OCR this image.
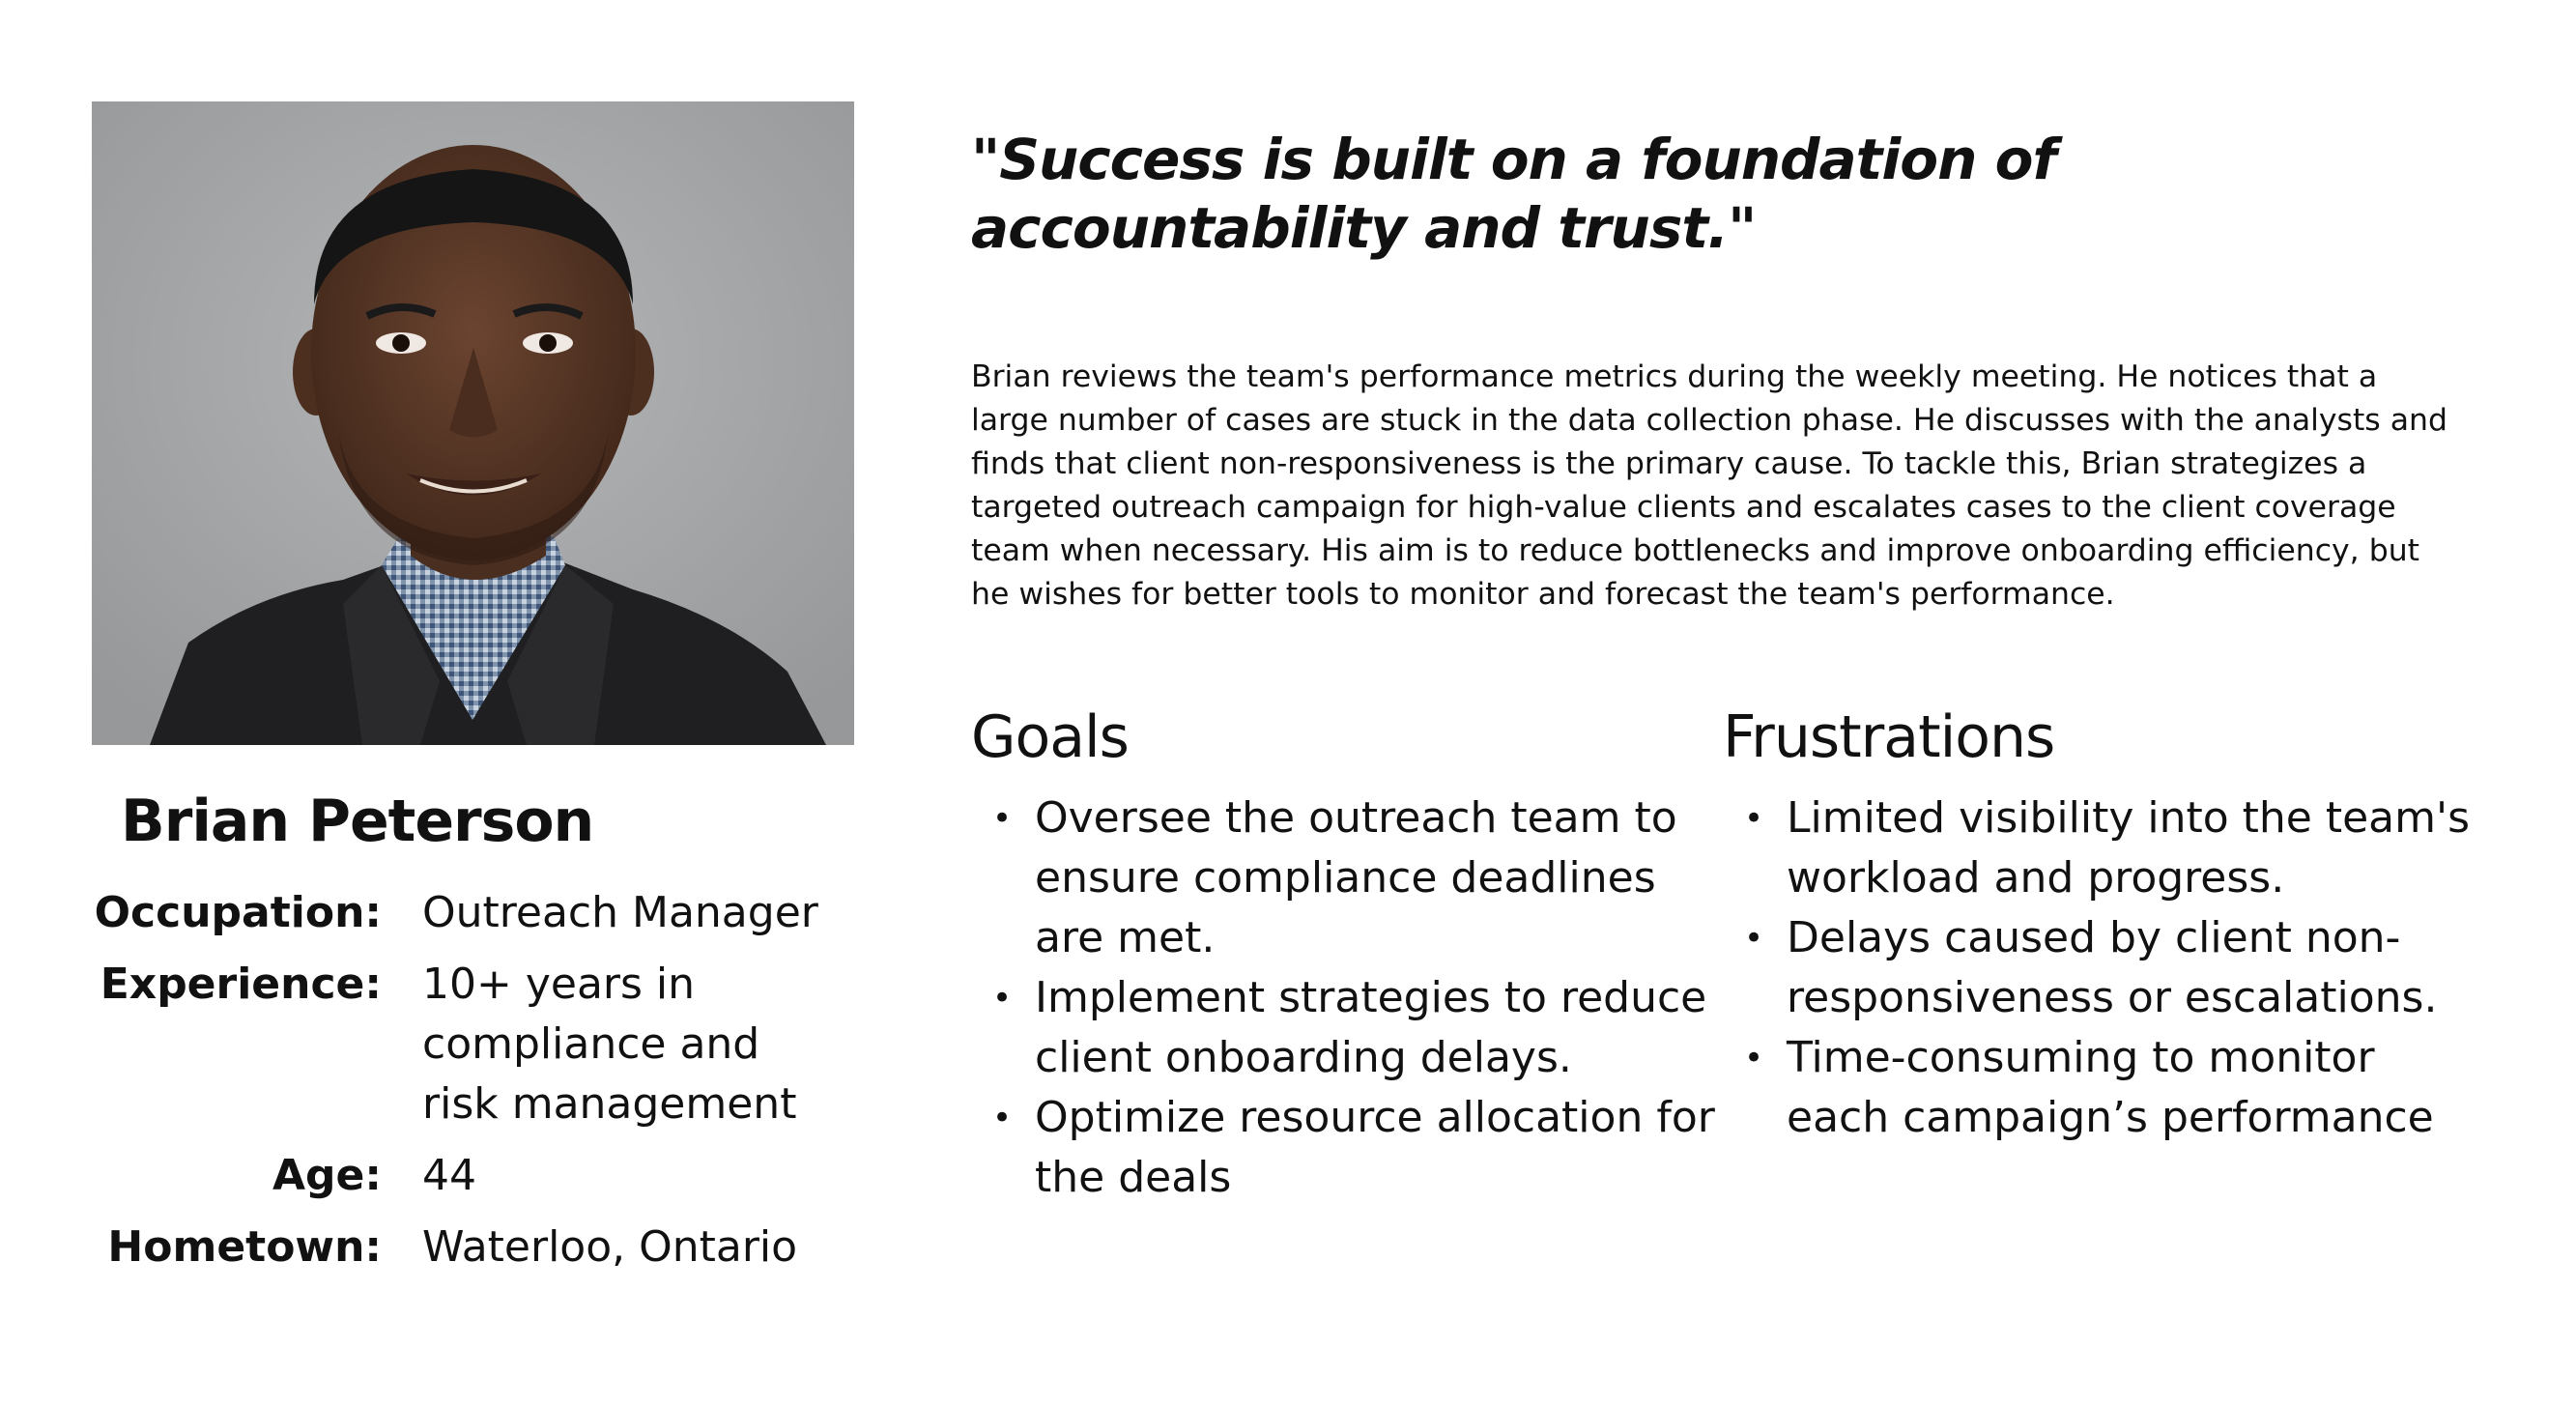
Brian Peterson
Occupation: Outreach Manager
Experience: 10+ years in compliance and risk management
Age: 44
Hometown: Waterloo, Ontario
"Success is built on a foundation of accountability and trust."
Brian reviews the team's performance metrics during the weekly meeting. He notices that a large number of cases are stuck in the data collection phase. He discusses with the analysts and finds that client non-responsiveness is the primary cause. To tackle this, Brian strategizes a targeted outreach campaign for high-value clients and escalates cases to the client coverage team when necessary. His aim is to reduce bottlenecks and improve onboarding efficiency, but he wishes for better tools to monitor and forecast the team's performance.
Goals
• Oversee the outreach team to ensure compliance deadlines are met.
• Implement strategies to reduce client onboarding delays.
• Optimize resource allocation for the deals
Frustrations
• Limited visibility into the team's workload and progress.
• Delays caused by client non-responsiveness or escalations.
• Time-consuming to monitor each campaign’s performance
